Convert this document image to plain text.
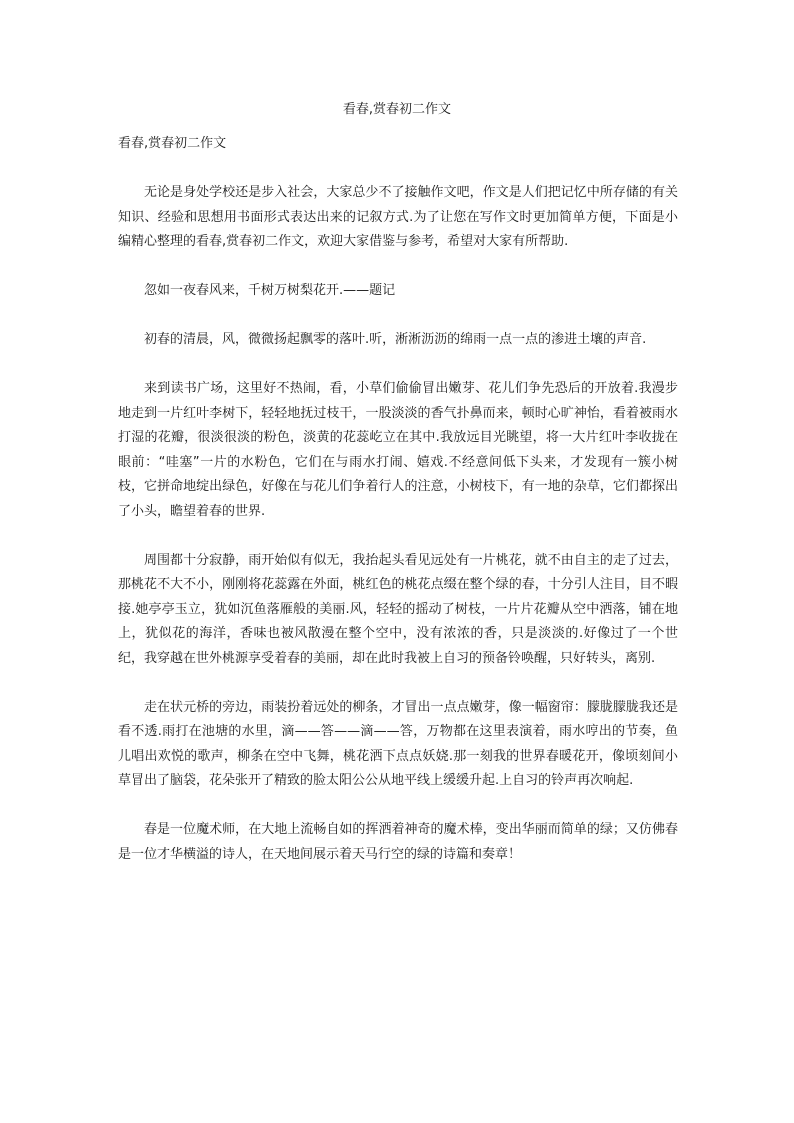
看春,赏春初二作文
看春,赏春初二作文

无论是身处学校还是步入社会，大家总少不了接触作文吧，作文是人们把记忆中所存储的有关知识、经验和思想用书面形式表达出来的记叙方式.为了让您在写作文时更加简单方便，下面是小编精心整理的看春,赏春初二作文，欢迎大家借鉴与参考，希望对大家有所帮助.

忽如一夜春风来，千树万树梨花开.——题记

初春的清晨，风，微微扬起飘零的落叶.听，淅淅沥沥的绵雨一点一点的渗进土壤的声音.

来到读书广场，这里好不热闹，看，小草们偷偷冒出嫩芽、花儿们争先恐后的开放着.我漫步地走到一片红叶李树下，轻轻地抚过枝干，一股淡淡的香气扑鼻而来，顿时心旷神怡，看着被雨水打湿的花瓣，很淡很淡的粉色，淡黄的花蕊屹立在其中.我放远目光眺望，将一大片红叶李收拢在眼前：“哇塞”一片的水粉色，它们在与雨水打闹、嬉戏.不经意间低下头来，才发现有一簇小树枝，它拼命地绽出绿色，好像在与花儿们争着行人的注意，小树枝下，有一地的杂草，它们都探出了小头，瞻望着春的世界.

周围都十分寂静，雨开始似有似无，我抬起头看见远处有一片桃花，就不由自主的走了过去，那桃花不大不小，刚刚将花蕊露在外面，桃红色的桃花点缀在整个绿的春，十分引人注目，目不暇接.她亭亭玉立，犹如沉鱼落雁般的美丽.风，轻轻的摇动了树枝，一片片花瓣从空中洒落，铺在地上，犹似花的海洋，香味也被风散漫在整个空中，没有浓浓的香，只是淡淡的.好像过了一个世纪，我穿越在世外桃源享受着春的美丽，却在此时我被上自习的预备铃唤醒，只好转头，离别.

走在状元桥的旁边，雨装扮着远处的柳条，才冒出一点点嫩芽，像一幅窗帘：朦胧朦胧我还是看不透.雨打在池塘的水里，滴——答——滴——答，万物都在这里表演着，雨水哼出的节奏，鱼儿唱出欢悦的歌声，柳条在空中飞舞，桃花洒下点点妖娆.那一刻我的世界春暖花开，像顷刻间小草冒出了脑袋，花朵张开了精致的脸太阳公公从地平线上缓缓升起.上自习的铃声再次响起.

春是一位魔术师，在大地上流畅自如的挥洒着神奇的魔术棒，变出华丽而简单的绿；又仿佛春是一位才华横溢的诗人，在天地间展示着天马行空的绿的诗篇和奏章！
